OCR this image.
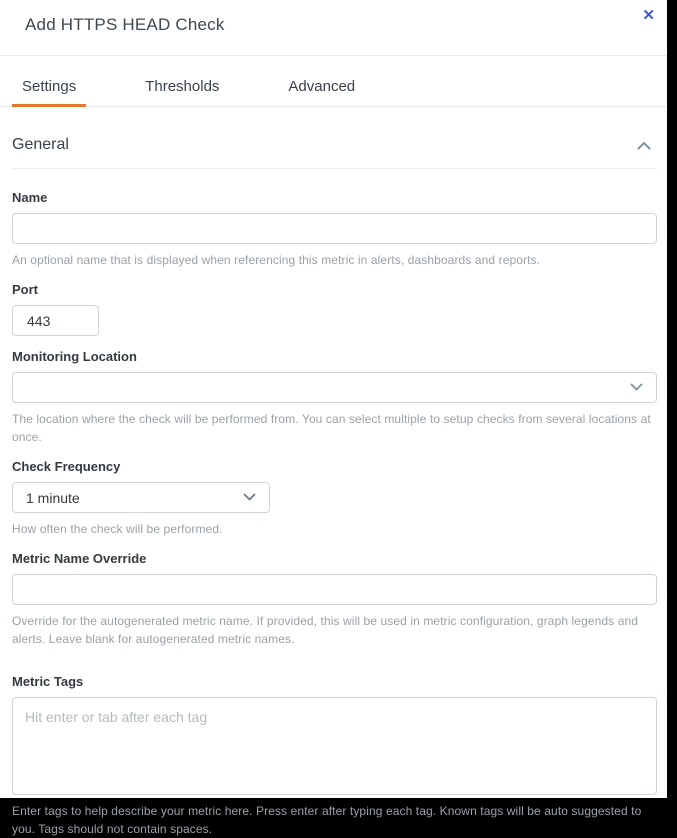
Add HTTPS HEAD Check	✕
Settings	Thresholds	Advanced
General
Name
An optional name that is displayed when referencing this metric in alerts, dashboards and reports.
Port
443
Monitoring Location
The location where the check will be performed from. You can select multiple to setup checks from several locations at once.
Check Frequency
1 minute
How often the check will be performed.
Metric Name Override
Override for the autogenerated metric name. If provided, this will be used in metric configuration, graph legends and alerts. Leave blank for autogenerated metric names.
Metric Tags
Hit enter or tab after each tag
Enter tags to help describe your metric here. Press enter after typing each tag. Known tags will be auto suggested to you. Tags should not contain spaces.
